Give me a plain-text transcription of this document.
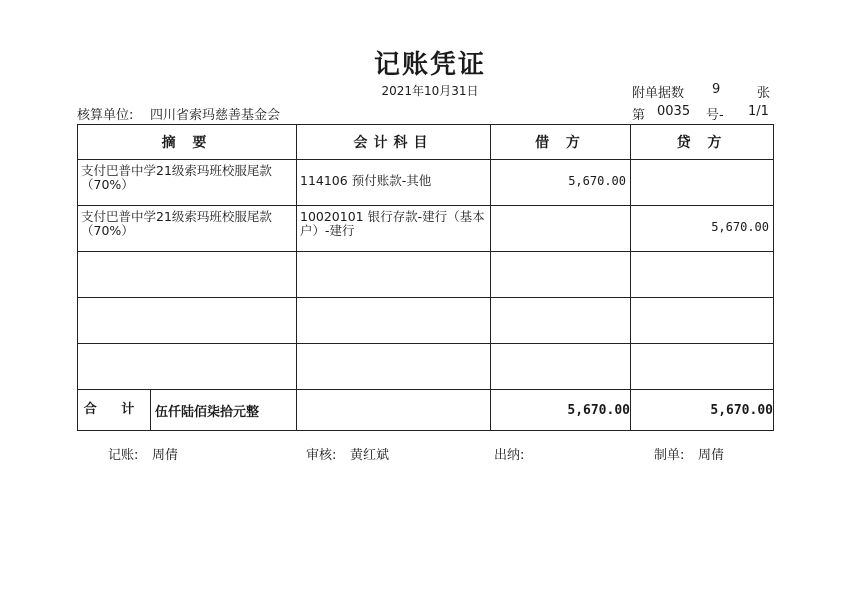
记账凭证
2021年10月31日	附单据数 9	张
核算单位: 四川省索玛慈善基金会	第 0035 号- 1/1
摘 要	会计科目	借 方	贷 方

支付巴普中学21级索玛班校服尾款（70%）	114106 预付账款-其他	5,670.00	

支付巴普中学21级索玛班校服尾款（70%）	10020101 银行存款-建行（基本户）-建行		5,670.00

合 计 伍仟陆佰柒拾元整		5,670.00	5,670.00
记账: 周倩	审核: 黄红斌	出纳:	制单: 周倩
